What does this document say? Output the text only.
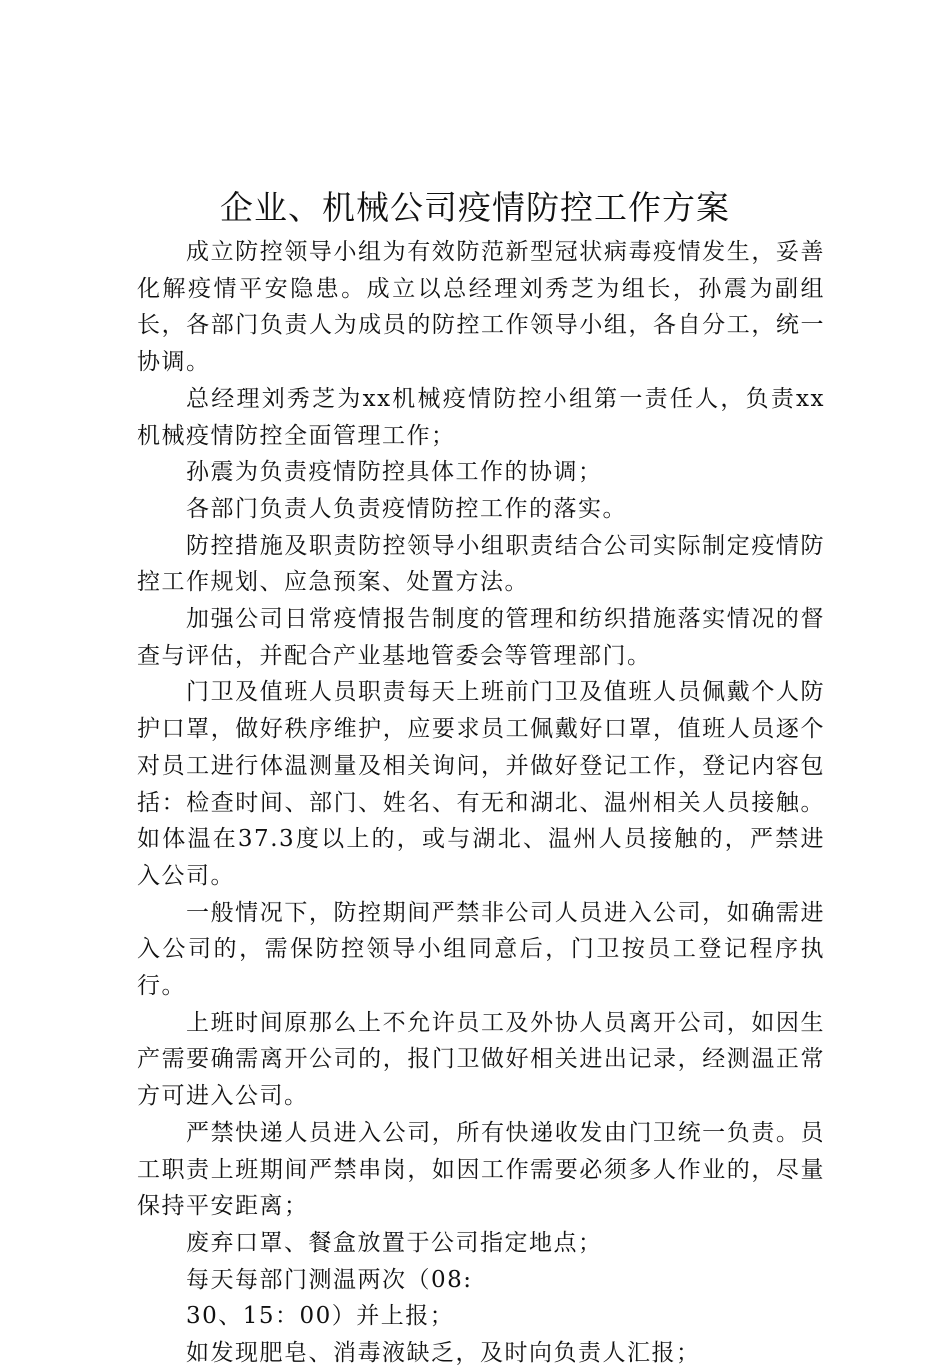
企业、机械公司疫情防控工作方案

成立防控领导小组为有效防范新型冠状病毒疫情发生，妥善化解疫情平安隐患。成立以总经理刘秀芝为组长，孙震为副组长，各部门负责人为成员的防控工作领导小组，各自分工，统一协调。

总经理刘秀芝为xx机械疫情防控小组第一责任人，负责xx机械疫情防控全面管理工作；

孙震为负责疫情防控具体工作的协调；

各部门负责人负责疫情防控工作的落实。

防控措施及职责防控领导小组职责结合公司实际制定疫情防控工作规划、应急预案、处置方法。

加强公司日常疫情报告制度的管理和纺织措施落实情况的督查与评估，并配合产业基地管委会等管理部门。

门卫及值班人员职责每天上班前门卫及值班人员佩戴个人防护口罩，做好秩序维护，应要求员工佩戴好口罩，值班人员逐个对员工进行体温测量及相关询问，并做好登记工作，登记内容包括：检查时间、部门、姓名、有无和湖北、温州相关人员接触。如体温在37.3度以上的，或与湖北、温州人员接触的，严禁进入公司。

一般情况下，防控期间严禁非公司人员进入公司，如确需进入公司的，需保防控领导小组同意后，门卫按员工登记程序执行。

上班时间原那么上不允许员工及外协人员离开公司，如因生产需要确需离开公司的，报门卫做好相关进出记录，经测温正常方可进入公司。

严禁快递人员进入公司，所有快递收发由门卫统一负责。员工职责上班期间严禁串岗，如因工作需要必须多人作业的，尽量保持平安距离；

废弃口罩、餐盒放置于公司指定地点；

每天每部门测温两次（08:

30、15：00）并上报；

如发现肥皂、消毒液缺乏，及时向负责人汇报；
